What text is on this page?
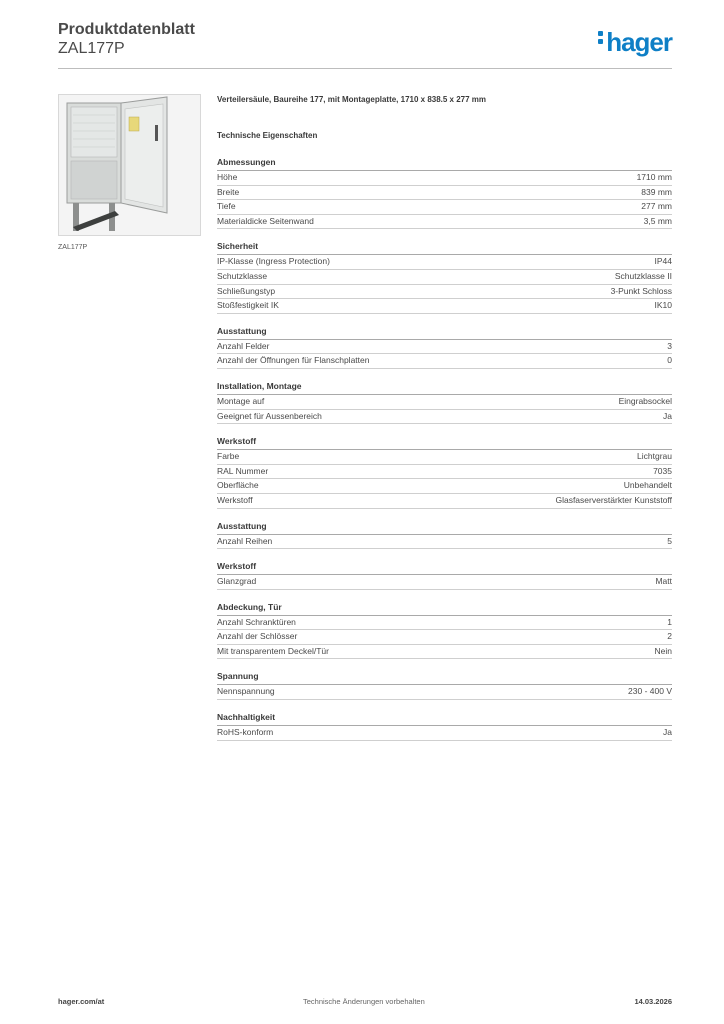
Produktdatenblatt
ZAL177P	hager
ZAL177P
Verteilersäule, Baureihe 177, mit Montageplatte, 1710 x 838.5 x 277 mm
Technische Eigenschaften
Abmessungen
Höhe	1710 mm
Breite	839 mm
Tiefe	277 mm
Materialdicke Seitenwand	3,5 mm
Sicherheit
IP-Klasse (Ingress Protection)	IP44
Schutzklasse	Schutzklasse II
Schließungstyp	3-Punkt Schloss
Stoßfestigkeit IK	IK10
Ausstattung
Anzahl Felder	3
Anzahl der Öffnungen für Flanschplatten	0
Installation, Montage
Montage auf	Eingrabsockel
Geeignet für Aussenbereich	Ja
Werkstoff
Farbe	Lichtgrau
RAL Nummer	7035
Oberfläche	Unbehandelt
Werkstoff	Glasfaserverstärkter Kunststoff
Ausstattung
Anzahl Reihen	5
Werkstoff
Glanzgrad	Matt
Abdeckung, Tür
Anzahl Schranktüren	1
Anzahl der Schlösser	2
Mit transparentem Deckel/Tür	Nein
Spannung
Nennspannung	230 - 400 V
Nachhaltigkeit
RoHS-konform	Ja
hager.com/at	Technische Änderungen vorbehalten	14.03.2026
